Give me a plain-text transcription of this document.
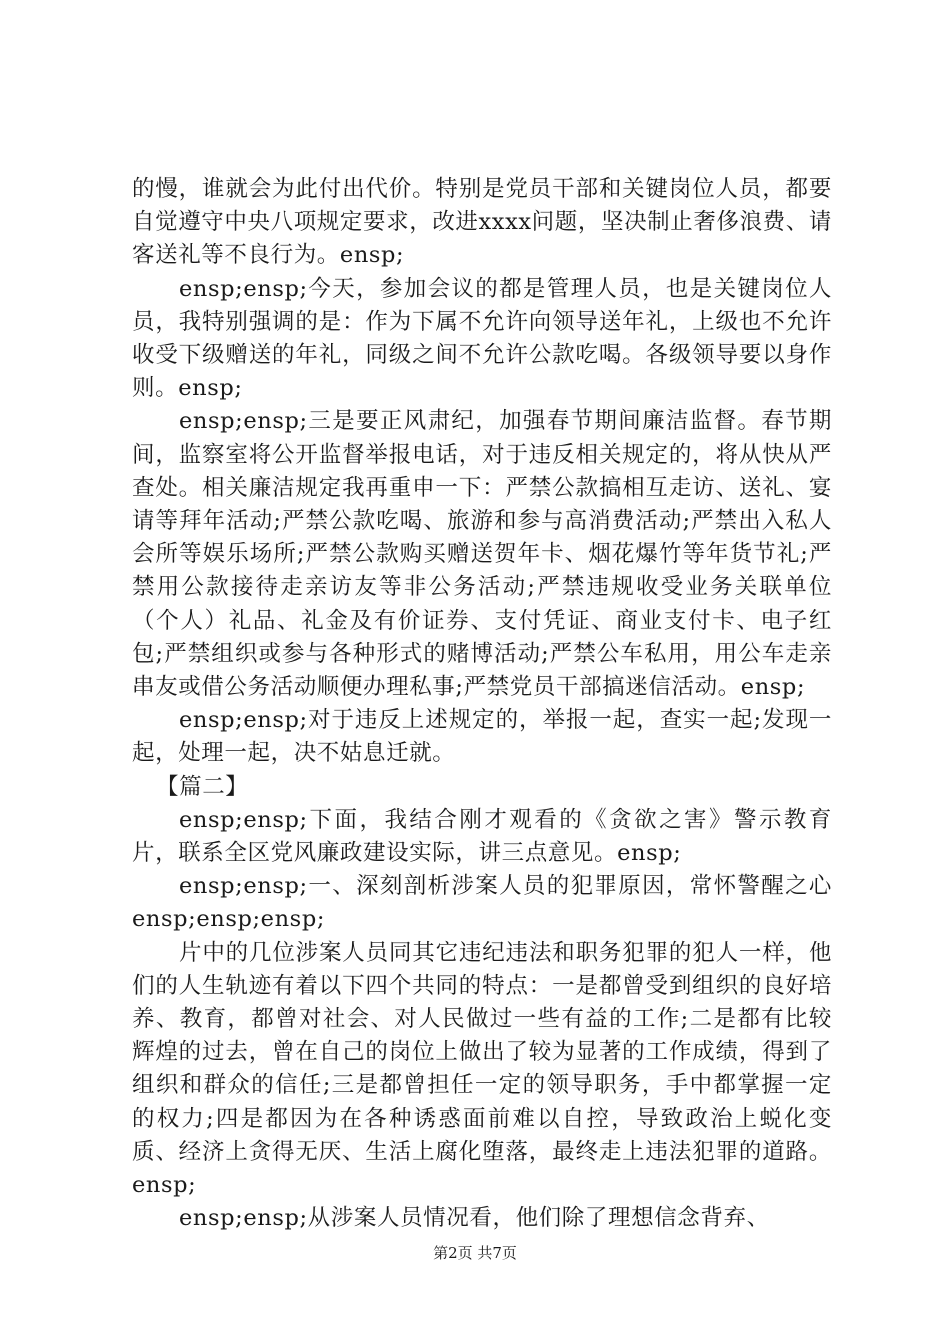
的慢，谁就会为此付出代价。特别是党员干部和关键岗位人员，都要自觉遵守中央八项规定要求，改进xxxx问题，坚决制止奢侈浪费、请客送礼等不良行为。ensp;

ensp;ensp;今天，参加会议的都是管理人员，也是关键岗位人员，我特别强调的是：作为下属不允许向领导送年礼，上级也不允许收受下级赠送的年礼，同级之间不允许公款吃喝。各级领导要以身作则。ensp;

ensp;ensp;三是要正风肃纪，加强春节期间廉洁监督。春节期间，监察室将公开监督举报电话，对于违反相关规定的，将从快从严查处。相关廉洁规定我再重申一下：严禁公款搞相互走访、送礼、宴请等拜年活动;严禁公款吃喝、旅游和参与高消费活动;严禁出入私人会所等娱乐场所;严禁公款购买赠送贺年卡、烟花爆竹等年货节礼;严禁用公款接待走亲访友等非公务活动;严禁违规收受业务关联单位（个人）礼品、礼金及有价证券、支付凭证、商业支付卡、电子红包;严禁组织或参与各种形式的赌博活动;严禁公车私用，用公车走亲串友或借公务活动顺便办理私事;严禁党员干部搞迷信活动。ensp;

ensp;ensp;对于违反上述规定的，举报一起，查实一起;发现一起，处理一起，决不姑息迁就。

【篇二】

ensp;ensp;下面，我结合刚才观看的《贪欲之害》警示教育片，联系全区党风廉政建设实际，讲三点意见。ensp;

ensp;ensp;一、深刻剖析涉案人员的犯罪原因，常怀警醒之心ensp;ensp;ensp;

片中的几位涉案人员同其它违纪违法和职务犯罪的犯人一样，他们的人生轨迹有着以下四个共同的特点：一是都曾受到组织的良好培养、教育，都曾对社会、对人民做过一些有益的工作;二是都有比较辉煌的过去，曾在自己的岗位上做出了较为显著的工作成绩，得到了组织和群众的信任;三是都曾担任一定的领导职务，手中都掌握一定的权力;四是都因为在各种诱惑面前难以自控，导致政治上蜕化变质、经济上贪得无厌、生活上腐化堕落，最终走上违法犯罪的道路。ensp;

ensp;ensp;从涉案人员情况看，他们除了理想信念背弃、

第2页 共7页
